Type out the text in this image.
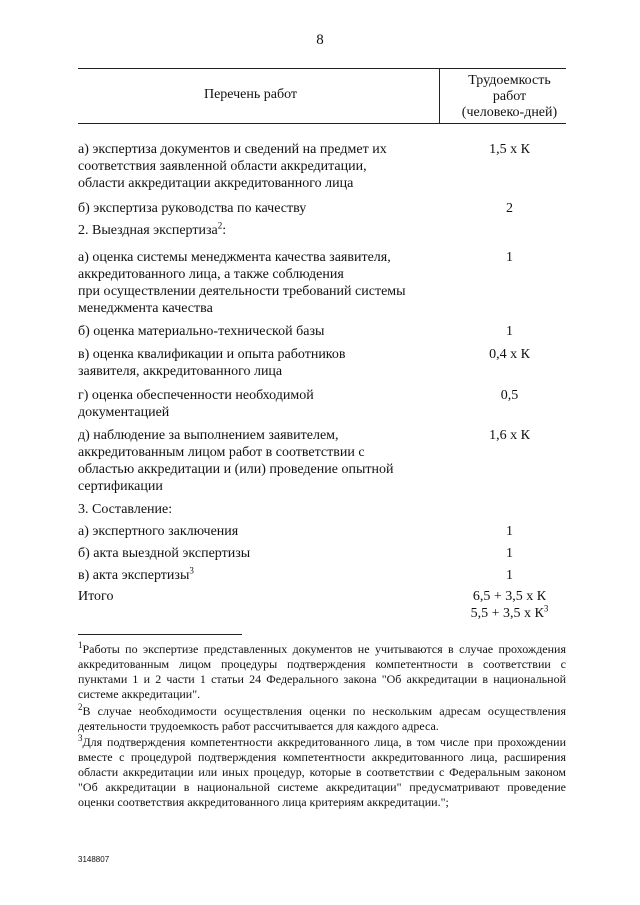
8
Перечень работ
Трудоемкость
работ
(человеко-дней)
а) экспертиза документов и сведений на предмет их
соответствия заявленной области аккредитации,
области аккредитации аккредитованного лица
1,5 х К
б) экспертиза руководства по качеству	2
2. Выездная экспертиза$^2$:
а) оценка системы менеджмента качества заявителя,
аккредитованного лица, а также соблюдения
при осуществлении деятельности требований системы
менеджмента качества
1
б) оценка материально-технической базы	1
в) оценка квалификации и опыта работников
заявителя, аккредитованного лица
0,4 х К
г) оценка обеспеченности необходимой
документацией
0,5
д) наблюдение за выполнением заявителем,
аккредитованным лицом работ в соответствии с
областью аккредитации и (или) проведение опытной
сертификации
1,6 х К
3. Составление:
а) экспертного заключения	1
б) акта выездной экспертизы	1
в) акта экспертизы$^3$	1
Итого	6,5 + 3,5 х К
5,5 + 3,5 х $К^3$
$^1$Работы по экспертизе представленных документов не учитываются в случае прохождения аккредитованным лицом процедуры подтверждения компетентности в соответствии с пунктами 1 и 2 части 1 статьи 24 Федерального закона "Об аккредитации в национальной системе аккредитации".
$^2$В случае необходимости осуществления оценки по нескольким адресам осуществления деятельности трудоемкость работ рассчитывается для каждого адреса.
$^3$Для подтверждения компетентности аккредитованного лица, в том числе при прохождении вместе с процедурой подтверждения компетентности аккредитованного лица, расширения области аккредитации или иных процедур, которые в соответствии с Федеральным законом "Об аккредитации в национальной системе аккредитации" предусматривают проведение оценки соответствия аккредитованного лица критериям аккредитации.";
3148807
